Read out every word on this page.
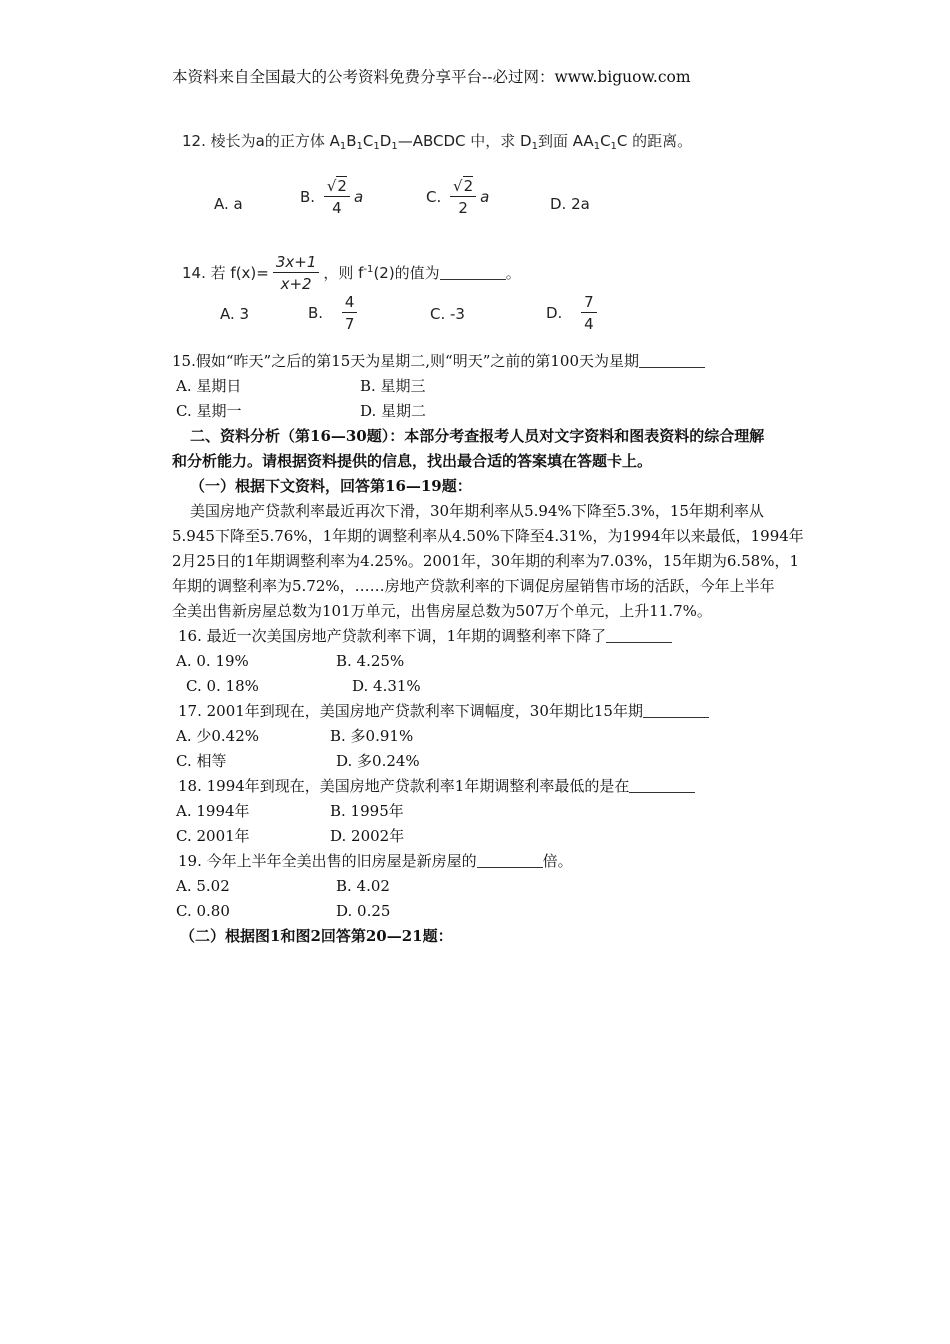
本资料来自全国最大的公考资料免费分享平台--必过网：www.biguow.com
12. 棱长为a的正方体 $A_1B_1C_1D_1—ABCDC$ 中，求 $D_1$到面 $AA_1C_1C$ 的距离。
A. a	B. $\frac{√2}{4}$ a	C. $\frac{√2}{2}$ a	D. 2a
14. 若 $f(x)= \frac{3x+1}{x+2}$ ，则 $f^{-1}(2)$的值为	。
A. 3	B. $\frac{4}{7}$	C. -3	D. $\frac{7}{4}$
15.假如“昨天”之后的第15天为星期二,则“明天”之前的第100天为星期
A. 星期日	B. 星期三
C. 星期一	D. 星期二
二、资料分析（第16—30题）：本部分考查报考人员对文字资料和图表资料的综合理解
和分析能力。请根据资料提供的信息，找出最合适的答案填在答题卡上。
（一）根据下文资料，回答第16—19题：
美国房地产贷款利率最近再次下滑，30年期利率从5.94%下降至5.3%，15年期利率从
5.945下降至5.76%，1年期的调整利率从4.50%下降至4.31%，为1994年以来最低，1994年
2月25日的1年期调整利率为4.25%。2001年，30年期的利率为7.03%，15年期为6.58%，1
年期的调整利率为5.72%，……房地产贷款利率的下调促房屋销售市场的活跃，今年上半年
全美出售新房屋总数为101万单元，出售房屋总数为507万个单元，上升11.7%。
16. 最近一次美国房地产贷款利率下调，1年期的调整利率下降了
A. 0. 19%	B. 4.25%
C. 0. 18%	D. 4.31%
17. 2001年到现在，美国房地产贷款利率下调幅度，30年期比15年期
A. 少0.42%	B. 多0.91%
C. 相等	D. 多0.24%
18. 1994年到现在，美国房地产贷款利率1年期调整利率最低的是在
A. 1994年	B. 1995年
C. 2001年	D. 2002年
19. 今年上半年全美出售的旧房屋是新房屋的	倍。
A. 5.02	B. 4.02
C. 0.80	D. 0.25
（二）根据图1和图2回答第20—21题：
